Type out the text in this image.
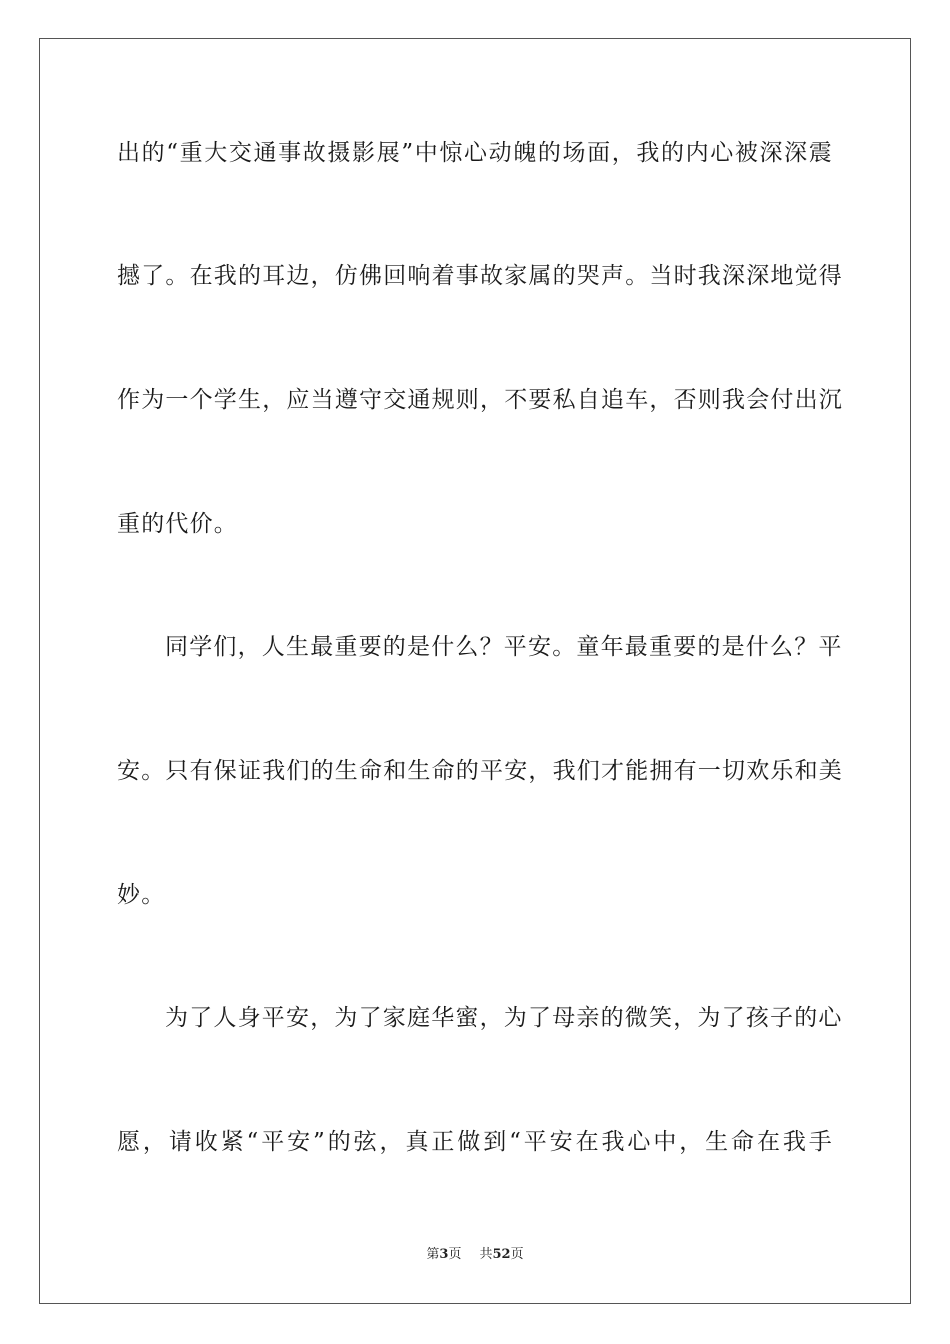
出的“重大交通事故摄影展”中惊心动魄的场面，我的内心被深深震
撼了。在我的耳边，仿佛回响着事故家属的哭声。当时我深深地觉得
作为一个学生，应当遵守交通规则，不要私自追车，否则我会付出沉
重的代价。
同学们，人生最重要的是什么？平安。童年最重要的是什么？平
安。只有保证我们的生命和生命的平安，我们才能拥有一切欢乐和美
妙。
为了人身平安，为了家庭华蜜，为了母亲的微笑，为了孩子的心
愿，请收紧“平安”的弦，真正做到“平安在我心中，生命在我手
第3页 共52页
